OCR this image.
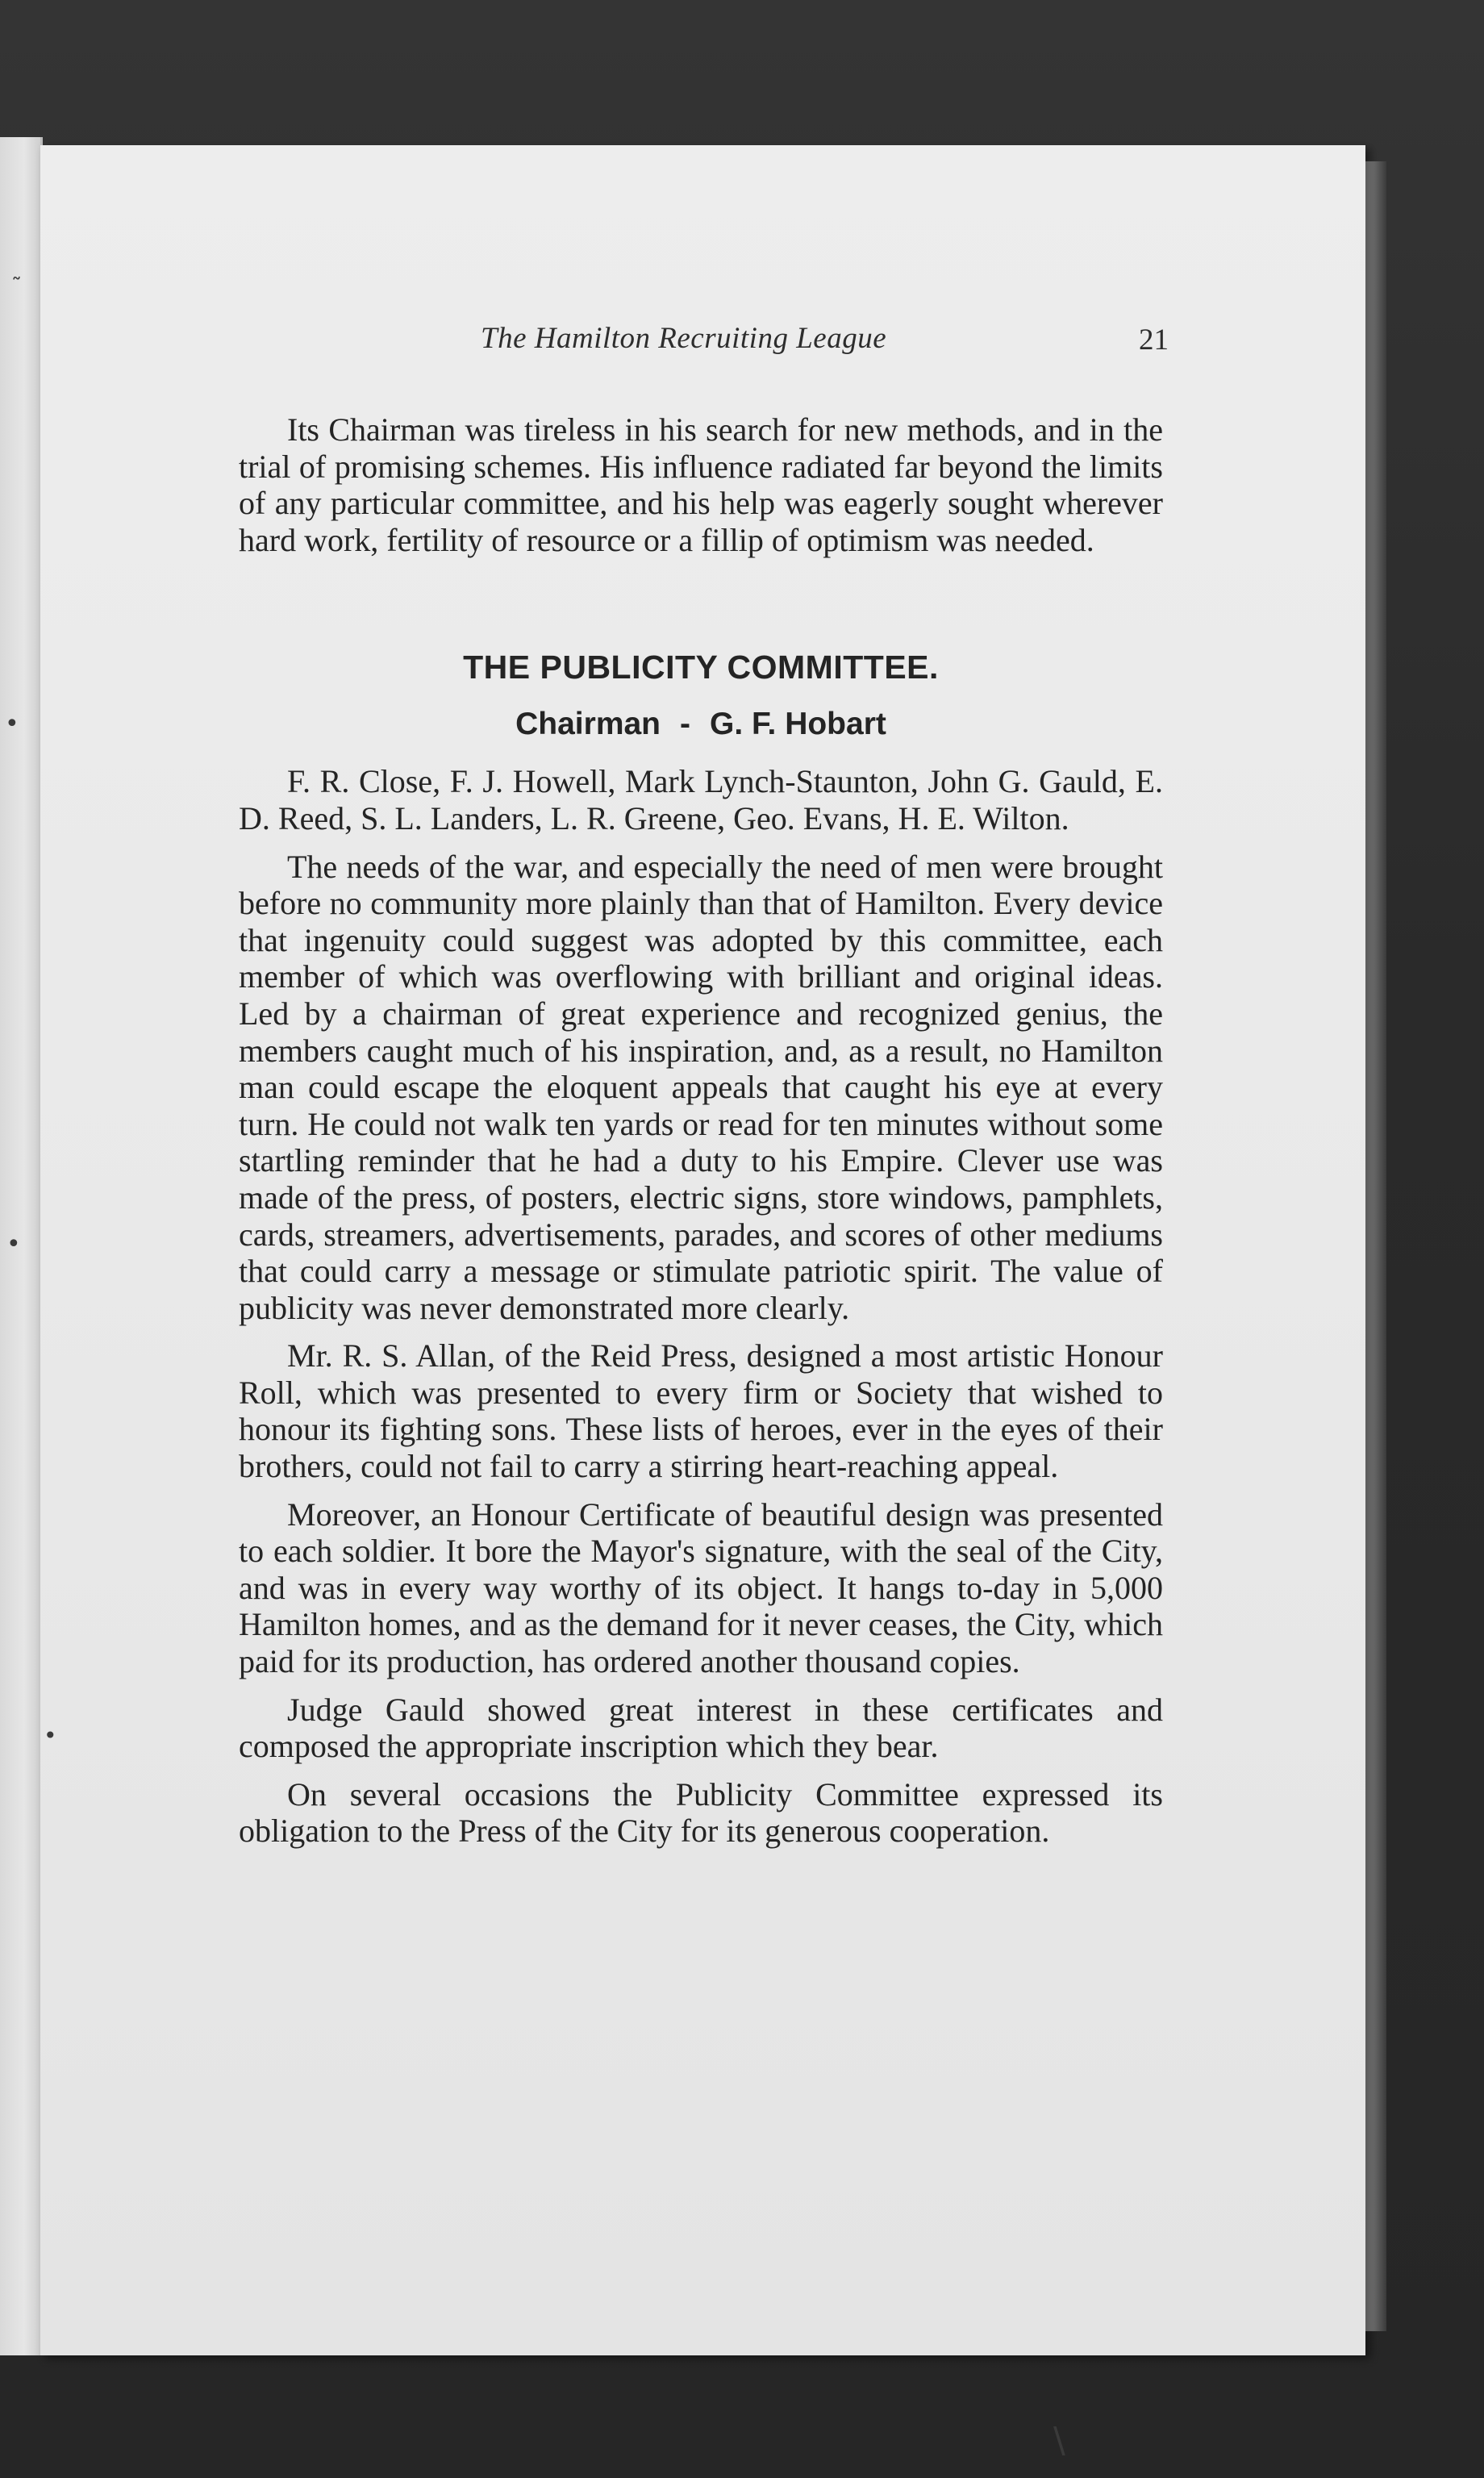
˜
•
•
•
\
The Hamilton Recruiting League	21

Its Chairman was tireless in his search for new methods, and in the trial of promising schemes. His influence radiated far beyond the limits of any particular committee, and his help was eagerly sought wherever hard work, fertility of resource or a fillip of optimism was needed.

THE PUBLICITY COMMITTEE.
Chairman - G. F. Hobart

F. R. Close, F. J. Howell, Mark Lynch-Staunton, John G. Gauld, E. D. Reed, S. L. Landers, L. R. Greene, Geo. Evans, H. E. Wilton.

The needs of the war, and especially the need of men were brought before no community more plainly than that of Hamilton. Every device that ingenuity could suggest was adopted by this committee, each member of which was overflowing with brilliant and original ideas. Led by a chairman of great experience and recognized genius, the members caught much of his inspiration, and, as a result, no Hamilton man could escape the eloquent appeals that caught his eye at every turn. He could not walk ten yards or read for ten minutes without some startling reminder that he had a duty to his Empire. Clever use was made of the press, of posters, electric signs, store windows, pamphlets, cards, streamers, advertisements, parades, and scores of other mediums that could carry a message or stimulate patriotic spirit. The value of publicity was never demonstrated more clearly.

Mr. R. S. Allan, of the Reid Press, designed a most artistic Honour Roll, which was presented to every firm or Society that wished to honour its fighting sons. These lists of heroes, ever in the eyes of their brothers, could not fail to carry a stirring heart-reaching appeal.

Moreover, an Honour Certificate of beautiful design was presented to each soldier. It bore the Mayor's signature, with the seal of the City, and was in every way worthy of its object. It hangs to-day in 5,000 Hamilton homes, and as the demand for it never ceases, the City, which paid for its production, has ordered another thousand copies.

Judge Gauld showed great interest in these certificates and composed the appropriate inscription which they bear.

On several occasions the Publicity Committee expressed its obligation to the Press of the City for its generous cooperation.
